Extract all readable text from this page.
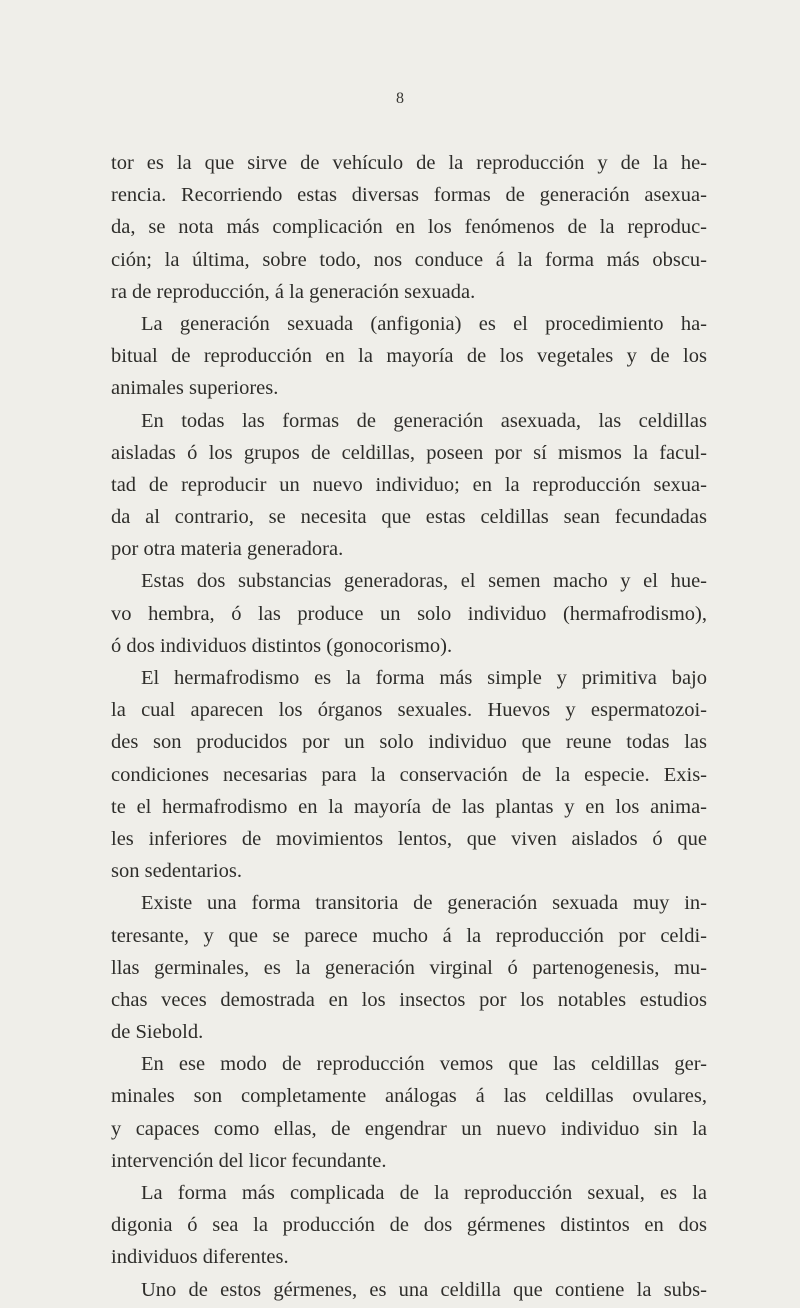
8
tor es la que sirve de vehículo de la reproducción y de la he-
rencia. Recorriendo estas diversas formas de generación asexua-
da, se nota más complicación en los fenómenos de la reproduc-
ción; la última, sobre todo, nos conduce á la forma más obscu-
ra de reproducción, á la generación sexuada.
La generación sexuada (anfigonia) es el procedimiento ha-
bitual de reproducción en la mayoría de los vegetales y de los
animales superiores.
En todas las formas de generación asexuada, las celdillas
aisladas ó los grupos de celdillas, poseen por sí mismos la facul-
tad de reproducir un nuevo individuo; en la reproducción sexua-
da al contrario, se necesita que estas celdillas sean fecundadas
por otra materia generadora.
Estas dos substancias generadoras, el semen macho y el hue-
vo hembra, ó las produce un solo individuo (hermafrodismo),
ó dos individuos distintos (gonocorismo).
El hermafrodismo es la forma más simple y primitiva bajo
la cual aparecen los órganos sexuales. Huevos y espermatozoi-
des son producidos por un solo individuo que reune todas las
condiciones necesarias para la conservación de la especie. Exis-
te el hermafrodismo en la mayoría de las plantas y en los anima-
les inferiores de movimientos lentos, que viven aislados ó que
son sedentarios.
Existe una forma transitoria de generación sexuada muy in-
teresante, y que se parece mucho á la reproducción por celdi-
llas germinales, es la generación virginal ó partenogenesis, mu-
chas veces demostrada en los insectos por los notables estudios
de Siebold.
En ese modo de reproducción vemos que las celdillas ger-
minales son completamente análogas á las celdillas ovulares,
y capaces como ellas, de engendrar un nuevo individuo sin la
intervención del licor fecundante.
La forma más complicada de la reproducción sexual, es la
digonia ó sea la producción de dos gérmenes distintos en dos
individuos diferentes.
Uno de estos gérmenes, es una celdilla que contiene la subs-
